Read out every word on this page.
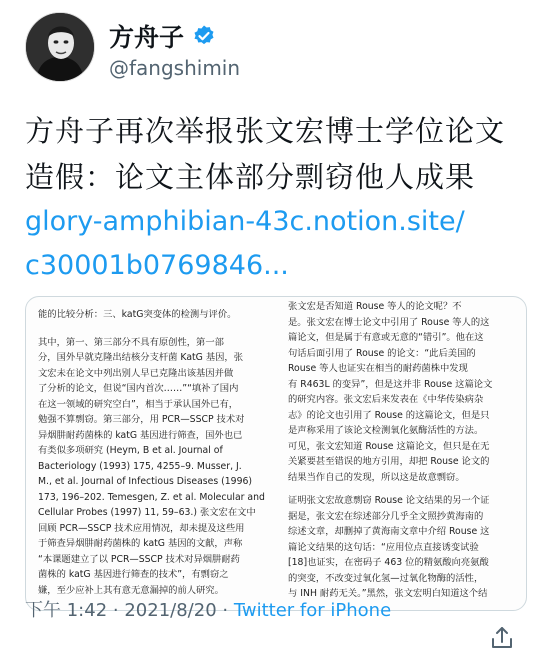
方舟子
@fangshimin
方舟子再次举报张文宏博士学位论文
造假：论文主体部分剽窃他人成果
glory-amphibian-43c.notion.site/
c30001b0769846...

能的比较分析：三、katG突变体的检测与评价。

其中，第一、第三部分不具有原创性，第一部

分，国外早就克隆出结核分支杆菌 KatG 基因，张

文宏未在论文中列出别人早已克隆出该基因并做

了分析的论文，但说“国内首次……”“填补了国内

在这一领域的研究空白”，相当于承认国外已有，

勉强不算剽窃。第三部分，用 PCR—SSCP 技术对

异烟肼耐药菌株的 katG 基因进行筛查，国外也已

有类似多项研究 (Heym, B et al. Journal of

Bacteriology (1993) 175, 4255–9. Musser, J.

M., et al. Journal of Infectious Diseases (1996)

173, 196–202. Temesgen, Z. et al. Molecular and

Cellular Probes (1997) 11, 59–63.) 张文宏在文中

回顾 PCR—SSCP 技术应用情况，却未提及这些用

于筛查异烟肼耐药菌株的 katG 基因的文献，声称

“本课题建立了以 PCR—SSCP 技术对异烟肼耐药

菌株的 katG 基因进行筛查的技术”，有剽窃之

嫌，至少应补上其有意无意漏掉的前人研究。

张文宏是否知道 Rouse 等人的论文呢？不

是。张文宏在博士论文中引用了 Rouse 等人的这

篇论文，但是属于有意或无意的“错引”。他在这

句话后面引用了 Rouse 的论文：“此后美国的

Rouse 等人也证实在相当的耐药菌株中发现

有 R463L 的变异”，但是这并非 Rouse 这篇论文

的研究内容。张文宏后来发表在《中华传染病杂

志》的论文也引用了 Rouse 的这篇论文，但是只

是声称采用了该论文检测氧化氨酶活性的方法。

可见，张文宏知道 Rouse 这篇论文，但只是在无

关紧要甚至错误的地方引用，却把 Rouse 论文的

结果当作自己的发现，所以这是故意剽窃。

证明张文宏故意剽窃 Rouse 论文结果的另一个证

据是，张文宏在综述部分几乎全文照抄黄海南的

综述文章，却删掉了黄海南文章中介绍 Rouse 这

篇论文结果的这句话：“应用位点直接诱变试验

[18]也证实，在密码子 463 位的精氨酸向亮氨酸

的突变，不改变过氧化氢—过氧化物酶的活性，

与 INH 耐药无关。”黑然，张文宏明白知道这个结

下午 1:42 · 2021/8/20 · Twitter for iPhone
